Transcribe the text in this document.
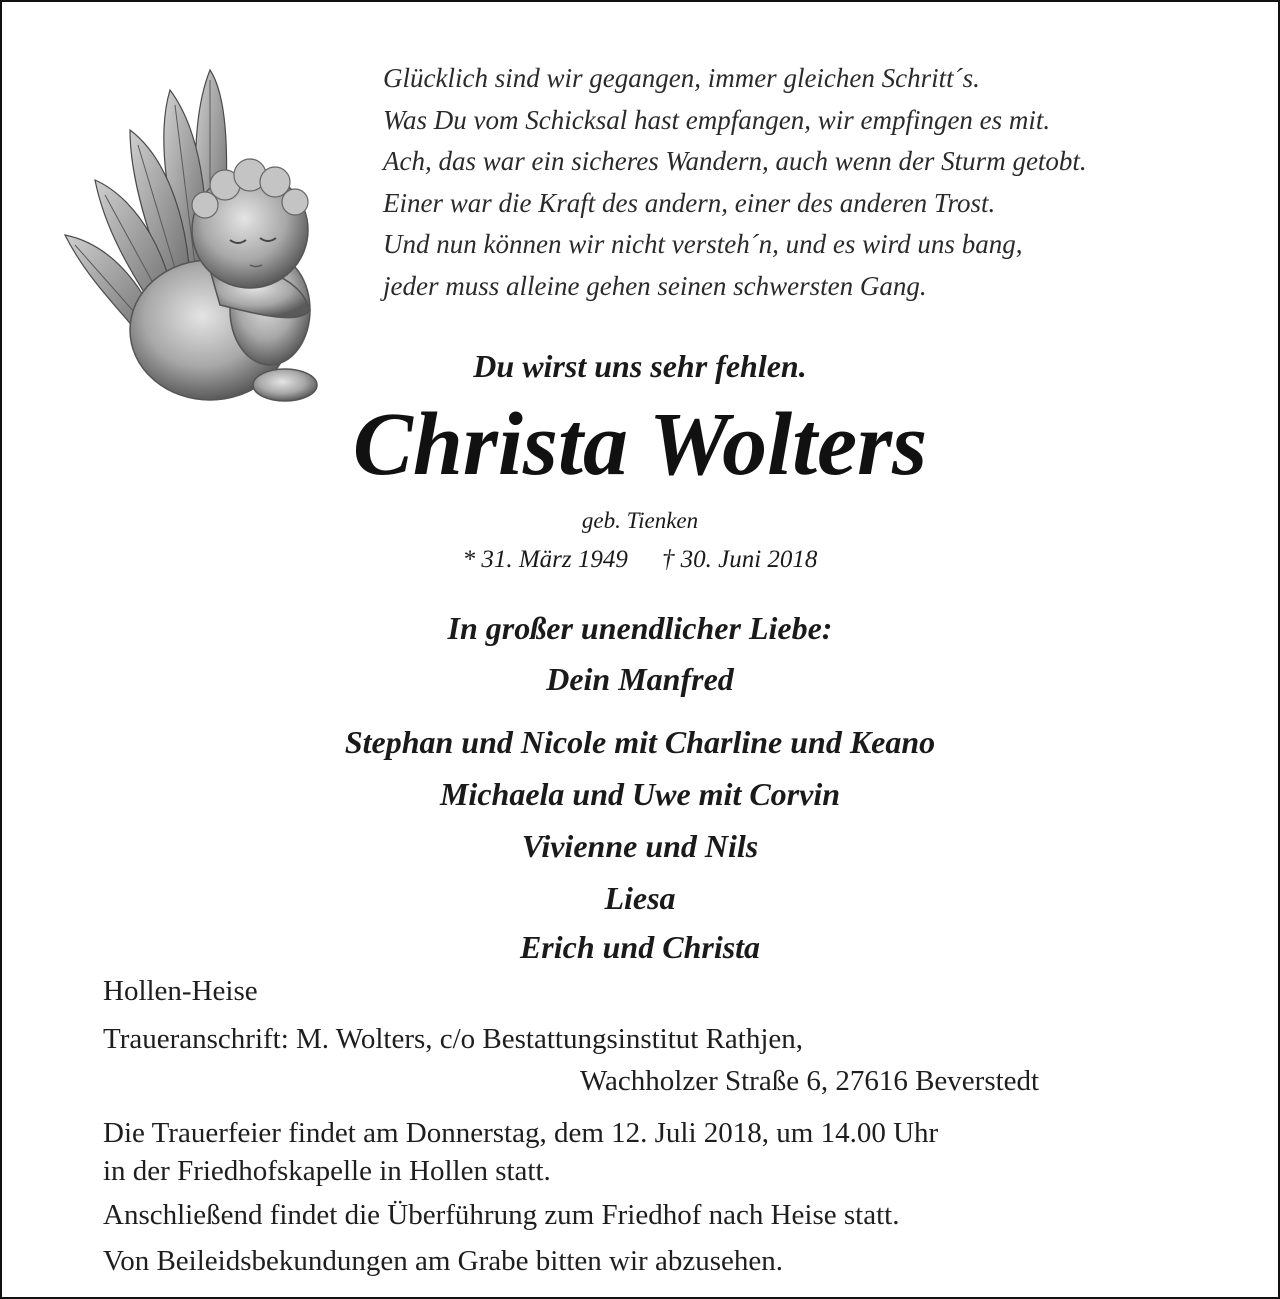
Glücklich sind wir gegangen, immer gleichen Schritt´s.
Was Du vom Schicksal hast empfangen, wir empfingen es mit.
Ach, das war ein sicheres Wandern, auch wenn der Sturm getobt.
Einer war die Kraft des andern, einer des anderen Trost.
Und nun können wir nicht versteh´n, und es wird uns bang,
jeder muss alleine gehen seinen schwersten Gang.
Du wirst uns sehr fehlen.
Christa Wolters
geb. Tienken
* 31. März 1949 † 30. Juni 2018
In großer unendlicher Liebe:
Dein Manfred
Stephan und Nicole mit Charline und Keano
Michaela und Uwe mit Corvin
Vivienne und Nils
Liesa
Erich und Christa
Hollen-Heise
Traueranschrift: M. Wolters, c/o Bestattungsinstitut Rathjen,
Wachholzer Straße 6, 27616 Beverstedt
Die Trauerfeier findet am Donnerstag, dem 12. Juli 2018, um 14.00 Uhr
in der Friedhofskapelle in Hollen statt.
Anschließend findet die Überführung zum Friedhof nach Heise statt.
Von Beileidsbekundungen am Grabe bitten wir abzusehen.
